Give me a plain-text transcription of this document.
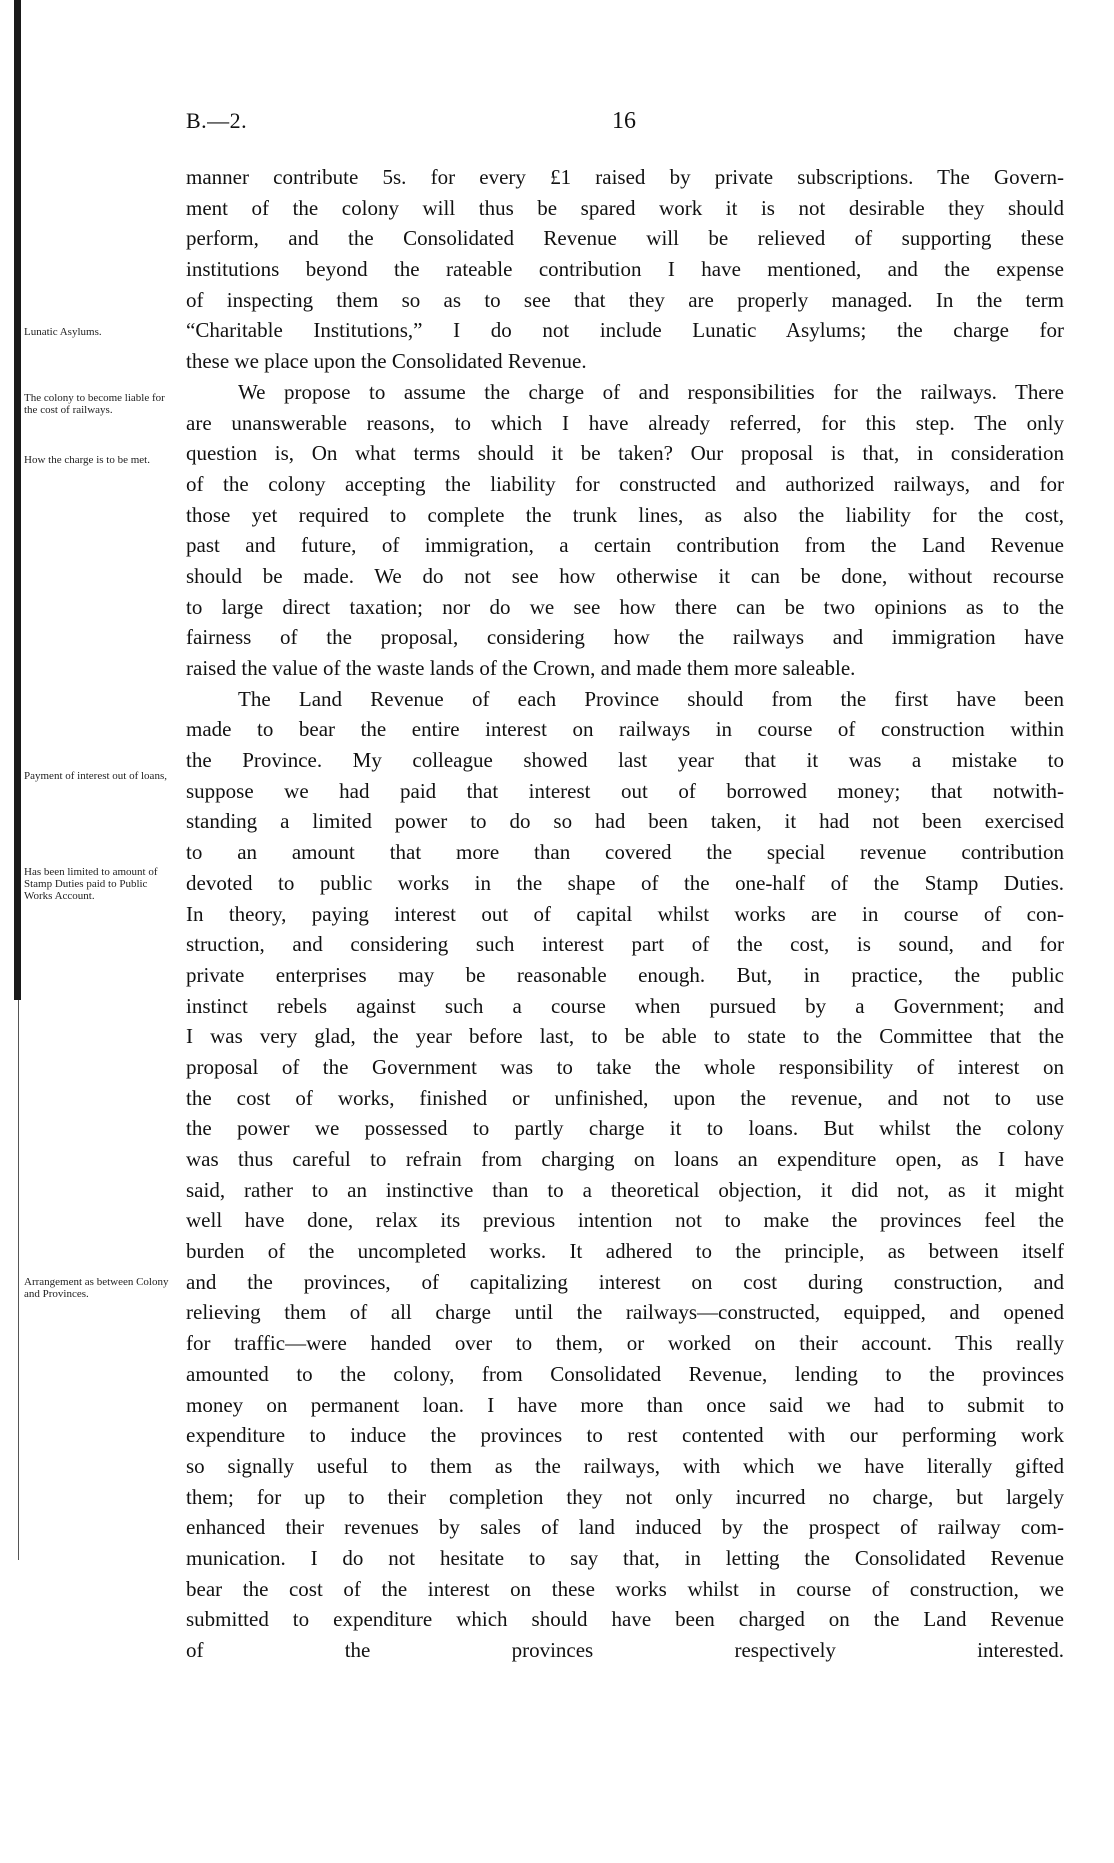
B.—2.	16
Lunatic Asylums.
The colony to become liable for the cost of railways.
How the charge is to be met.
Payment of interest out of loans,
Has been limited to amount of Stamp Duties paid to Public Works Account.
Arrangement as between Colony and Provinces.
manner contribute 5s. for every £1 raised by private subscriptions. The Govern-
ment of the colony will thus be spared work it is not desirable they should
perform, and the Consolidated Revenue will be relieved of supporting these
institutions beyond the rateable contribution I have mentioned, and the expense
of inspecting them so as to see that they are properly managed. In the term
“Charitable Institutions,” I do not include Lunatic Asylums; the charge for
these we place upon the Consolidated Revenue.
We propose to assume the charge of and responsibilities for the railways. There
are unanswerable reasons, to which I have already referred, for this step. The only
question is, On what terms should it be taken? Our proposal is that, in consideration
of the colony accepting the liability for constructed and authorized railways, and for
those yet required to complete the trunk lines, as also the liability for the cost,
past and future, of immigration, a certain contribution from the Land Revenue
should be made. We do not see how otherwise it can be done, without recourse
to large direct taxation; nor do we see how there can be two opinions as to the
fairness of the proposal, considering how the railways and immigration have
raised the value of the waste lands of the Crown, and made them more saleable.
The Land Revenue of each Province should from the first have been
made to bear the entire interest on railways in course of construction within
the Province. My colleague showed last year that it was a mistake to
suppose we had paid that interest out of borrowed money; that notwith-
standing a limited power to do so had been taken, it had not been exercised
to an amount that more than covered the special revenue contribution
devoted to public works in the shape of the one-half of the Stamp Duties.
In theory, paying interest out of capital whilst works are in course of con-
struction, and considering such interest part of the cost, is sound, and for
private enterprises may be reasonable enough. But, in practice, the public
instinct rebels against such a course when pursued by a Government; and
I was very glad, the year before last, to be able to state to the Committee that the
proposal of the Government was to take the whole responsibility of interest on
the cost of works, finished or unfinished, upon the revenue, and not to use
the power we possessed to partly charge it to loans. But whilst the colony
was thus careful to refrain from charging on loans an expenditure open, as I have
said, rather to an instinctive than to a theoretical objection, it did not, as it might
well have done, relax its previous intention not to make the provinces feel the
burden of the uncompleted works. It adhered to the principle, as between itself
and the provinces, of capitalizing interest on cost during construction, and
relieving them of all charge until the railways—constructed, equipped, and opened
for traffic—were handed over to them, or worked on their account. This really
amounted to the colony, from Consolidated Revenue, lending to the provinces
money on permanent loan. I have more than once said we had to submit to
expenditure to induce the provinces to rest contented with our performing work
so signally useful to them as the railways, with which we have literally gifted
them; for up to their completion they not only incurred no charge, but largely
enhanced their revenues by sales of land induced by the prospect of railway com-
munication. I do not hesitate to say that, in letting the Consolidated Revenue
bear the cost of the interest on these works whilst in course of construction, we
submitted to expenditure which should have been charged on the Land Revenue
of the provinces respectively interested.
